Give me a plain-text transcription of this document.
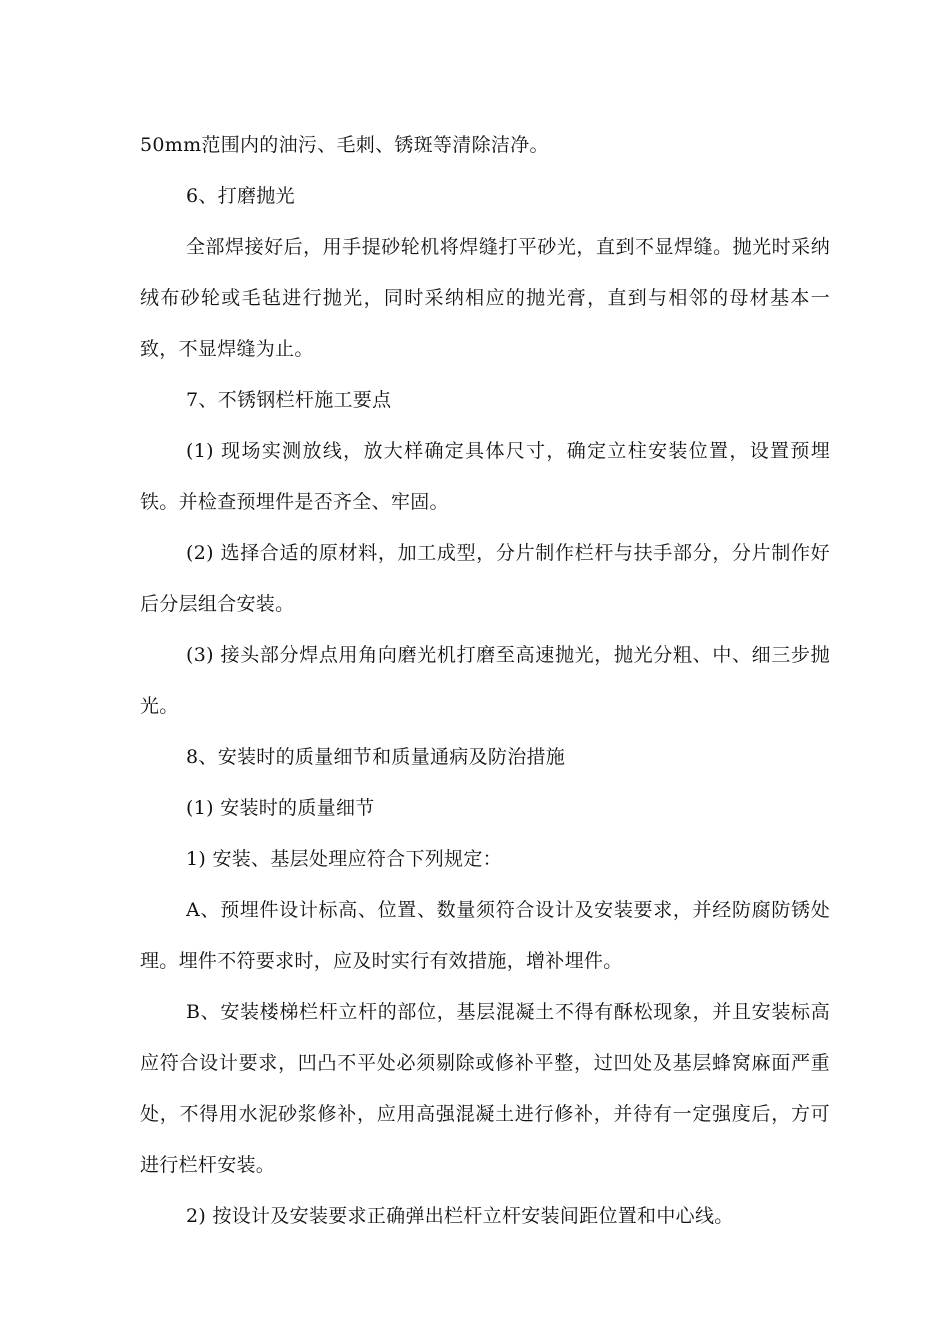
50mm范围内的油污、毛刺、锈斑等清除洁净。

6、打磨抛光

全部焊接好后，用手提砂轮机将焊缝打平砂光，直到不显焊缝。抛光时采纳绒布砂轮或毛毡进行抛光，同时采纳相应的抛光膏，直到与相邻的母材基本一致，不显焊缝为止。

7、不锈钢栏杆施工要点

(1) 现场实测放线，放大样确定具体尺寸，确定立柱安装位置，设置预埋铁。并检查预埋件是否齐全、牢固。

(2) 选择合适的原材料，加工成型，分片制作栏杆与扶手部分，分片制作好后分层组合安装。

(3) 接头部分焊点用角向磨光机打磨至高速抛光，抛光分粗、中、细三步抛光。

8、安装时的质量细节和质量通病及防治措施

(1) 安装时的质量细节

1) 安装、基层处理应符合下列规定：

A、预埋件设计标高、位置、数量须符合设计及安装要求，并经防腐防锈处理。埋件不符要求时，应及时实行有效措施，增补埋件。

B、安装楼梯栏杆立杆的部位，基层混凝土不得有酥松现象，并且安装标高应符合设计要求，凹凸不平处必须剔除或修补平整，过凹处及基层蜂窝麻面严重处，不得用水泥砂浆修补，应用高强混凝土进行修补，并待有一定强度后，方可进行栏杆安装。

2) 按设计及安装要求正确弹出栏杆立杆安装间距位置和中心线。
